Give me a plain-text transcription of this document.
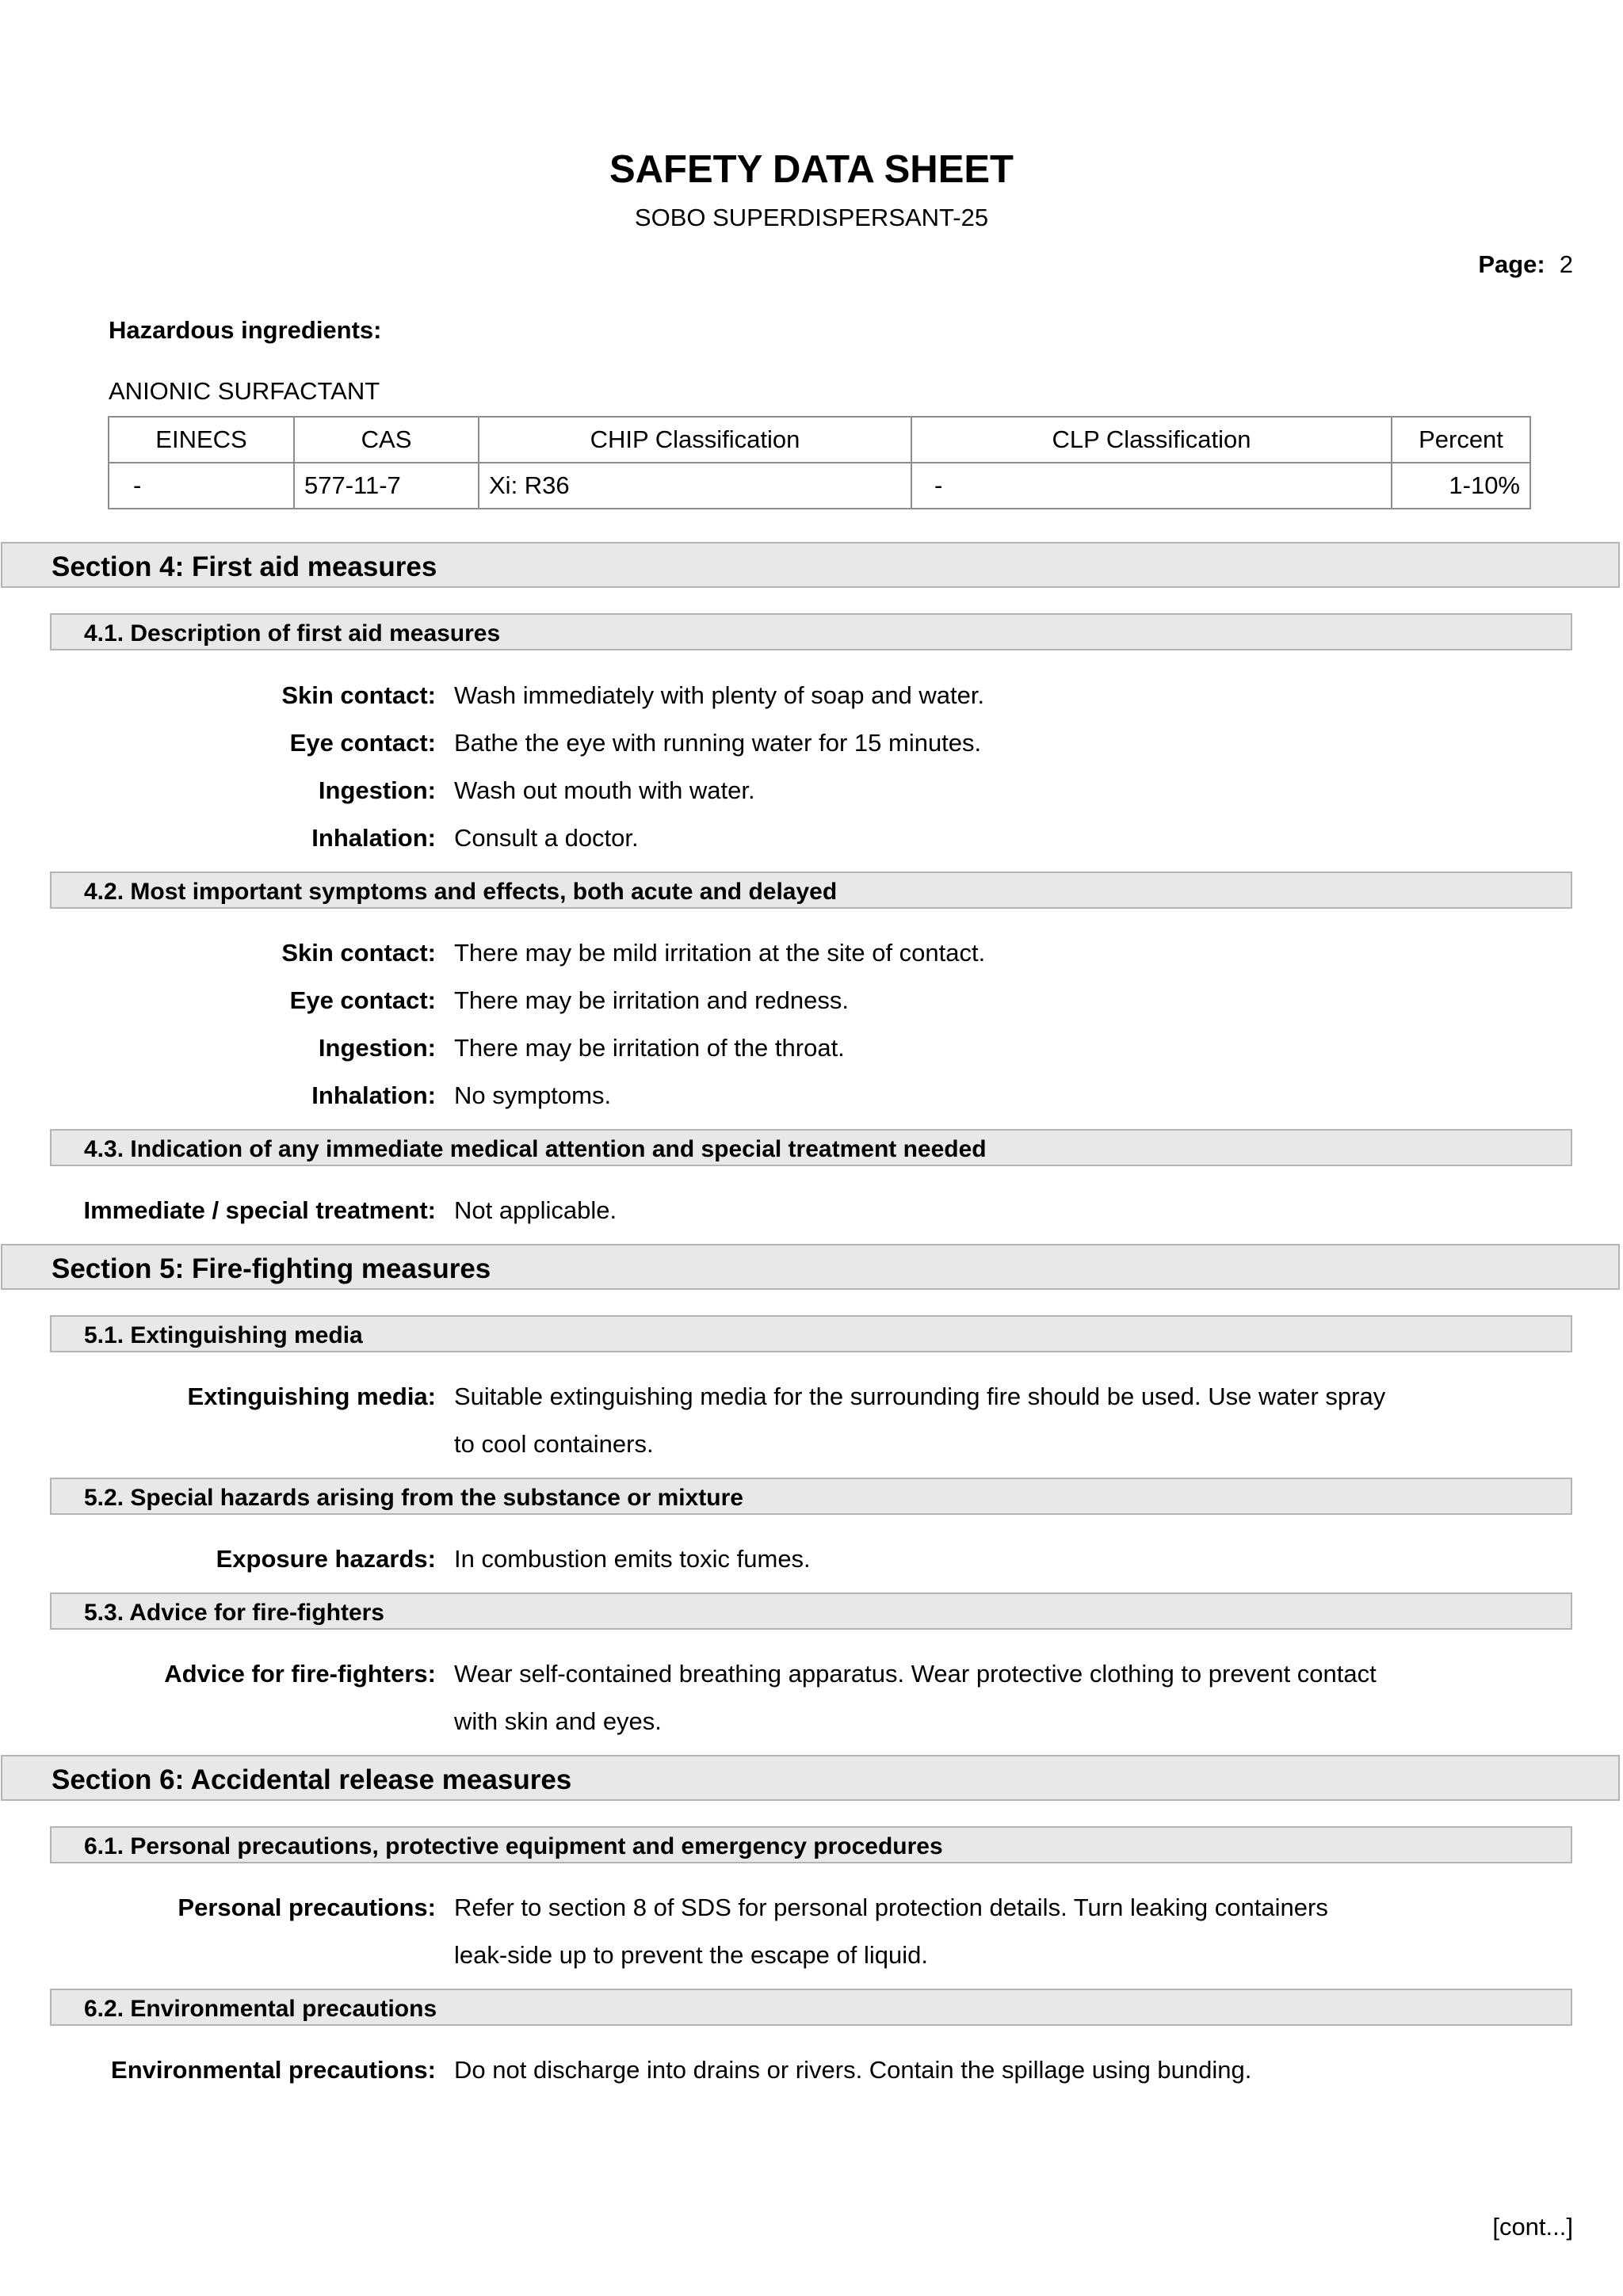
SAFETY DATA SHEET
SOBO SUPERDISPERSANT-25
Page: 2
Hazardous ingredients:
ANIONIC SURFACTANT
EINECS	CAS	CHIP Classification	CLP Classification	Percent
-	577-11-7	Xi: R36	-	1-10%
Section 4: First aid measures
4.1. Description of first aid measures
Skin contact: Wash immediately with plenty of soap and water.
Eye contact: Bathe the eye with running water for 15 minutes.
Ingestion: Wash out mouth with water.
Inhalation: Consult a doctor.
4.2. Most important symptoms and effects, both acute and delayed
Skin contact: There may be mild irritation at the site of contact.
Eye contact: There may be irritation and redness.
Ingestion: There may be irritation of the throat.
Inhalation: No symptoms.
4.3. Indication of any immediate medical attention and special treatment needed
Immediate / special treatment: Not applicable.
Section 5: Fire-fighting measures
5.1. Extinguishing media
Extinguishing media: Suitable extinguishing media for the surrounding fire should be used. Use water spray to cool containers.
5.2. Special hazards arising from the substance or mixture
Exposure hazards: In combustion emits toxic fumes.
5.3. Advice for fire-fighters
Advice for fire-fighters: Wear self-contained breathing apparatus. Wear protective clothing to prevent contact with skin and eyes.
Section 6: Accidental release measures
6.1. Personal precautions, protective equipment and emergency procedures
Personal precautions: Refer to section 8 of SDS for personal protection details. Turn leaking containers leak-side up to prevent the escape of liquid.
6.2. Environmental precautions
Environmental precautions: Do not discharge into drains or rivers. Contain the spillage using bunding.
[cont...]
